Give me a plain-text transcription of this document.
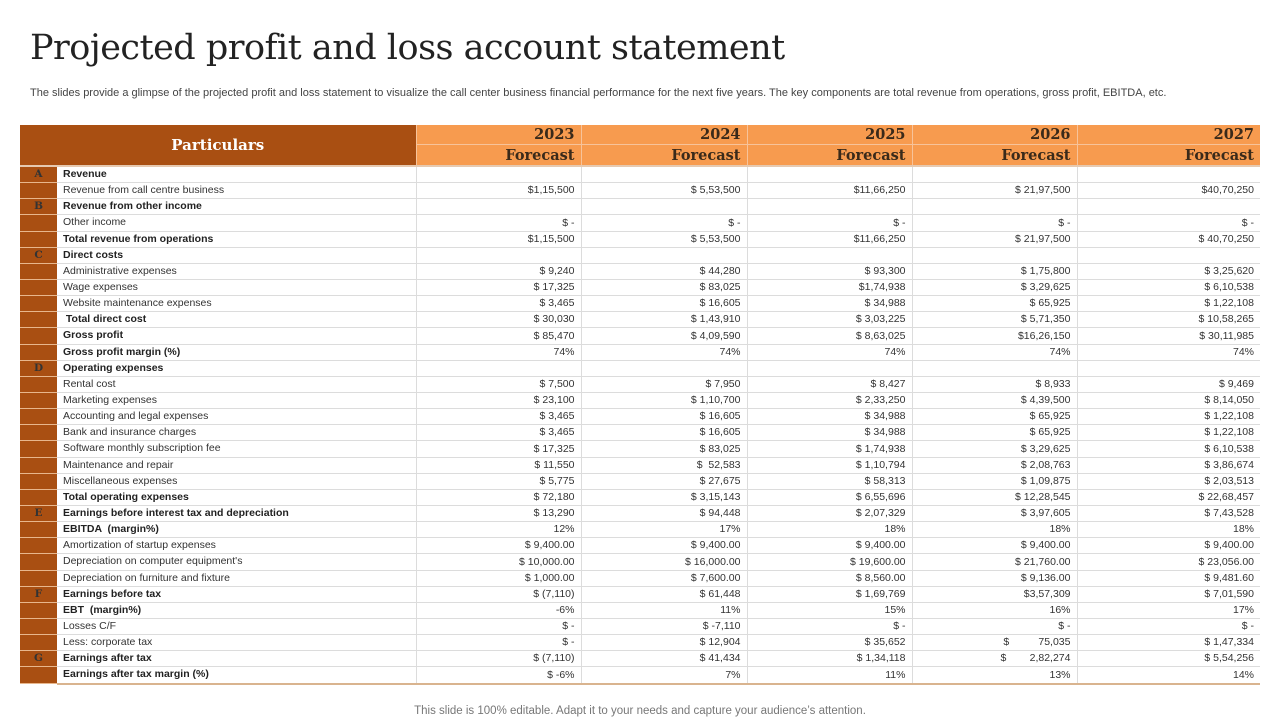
Projected profit and loss account statement
The slides provide a glimpse of the projected profit and loss statement to visualize the call center business financial performance for the next five years. The key components are total revenue from operations, gross profit, EBITDA, etc.
Particulars		2023	2024	2025	2026	2027
		Forecast	Forecast	Forecast	Forecast	Forecast
A	Revenue					
	Revenue from call centre business	$1,15,500	$ 5,53,500	$11,66,250	$ 21,97,500	$40,70,250
B	Revenue from other income					
	Other income	$ -	$ -	$ -	$ -	$ -
	Total revenue from operations	$1,15,500	$ 5,53,500	$11,66,250	$ 21,97,500	$ 40,70,250
C	Direct costs					
	Administrative expenses	$ 9,240	$ 44,280	$ 93,300	$ 1,75,800	$ 3,25,620
	Wage expenses	$ 17,325	$ 83,025	$1,74,938	$ 3,29,625	$ 6,10,538
	Website maintenance expenses	$ 3,465	$ 16,605	$ 34,988	$ 65,925	$ 1,22,108
	Total direct cost	$ 30,030	$ 1,43,910	$ 3,03,225	$ 5,71,350	$ 10,58,265
	Gross profit	$ 85,470	$ 4,09,590	$ 8,63,025	$16,26,150	$ 30,11,985
	Gross profit margin (%)	74%	74%	74%	74%	74%
D	Operating expenses					
	Rental cost	$ 7,500	$ 7,950	$ 8,427	$ 8,933	$ 9,469
	Marketing expenses	$ 23,100	$ 1,10,700	$ 2,33,250	$ 4,39,500	$ 8,14,050
	Accounting and legal expenses	$ 3,465	$ 16,605	$ 34,988	$ 65,925	$ 1,22,108
	Bank and insurance charges	$ 3,465	$ 16,605	$ 34,988	$ 65,925	$ 1,22,108
	Software monthly subscription fee	$ 17,325	$ 83,025	$ 1,74,938	$ 3,29,625	$ 6,10,538
	Maintenance and repair	$ 11,550	$  52,583	$ 1,10,794	$ 2,08,763	$ 3,86,674
	Miscellaneous expenses	$ 5,775	$ 27,675	$ 58,313	$ 1,09,875	$ 2,03,513
	Total operating expenses	$ 72,180	$ 3,15,143	$ 6,55,696	$ 12,28,545	$ 22,68,457
E	Earnings before interest tax and depreciation	$ 13,290	$ 94,448	$ 2,07,329	$ 3,97,605	$ 7,43,528
	EBITDA  (margin%)	12%	17%	18%	18%	18%
	Amortization of startup expenses	$ 9,400.00	$ 9,400.00	$ 9,400.00	$ 9,400.00	$ 9,400.00
	Depreciation on computer equipment's	$ 10,000.00	$ 16,000.00	$ 19,600.00	$ 21,760.00	$ 23,056.00
	Depreciation on furniture and fixture	$ 1,000.00	$ 7,600.00	$ 8,560.00	$ 9,136.00	$ 9,481.60
F	Earnings before tax	$ (7,110)	$ 61,448	$ 1,69,769	$3,57,309	$ 7,01,590
	EBT  (margin%)	-6%	11%	15%	16%	17%
	Losses C/F	$ -	$ -7,110	$ -	$ -	$ -
	Less: corporate tax	$ -	$ 12,904	$ 35,652	$          75,035	$ 1,47,334
G	Earnings after tax	$ (7,110)	$ 41,434	$ 1,34,118	$        2,82,274	$ 5,54,256
	Earnings after tax margin (%)	$ -6%	7%	11%	13%	14%
This slide is 100% editable. Adapt it to your needs and capture your audience’s attention.
